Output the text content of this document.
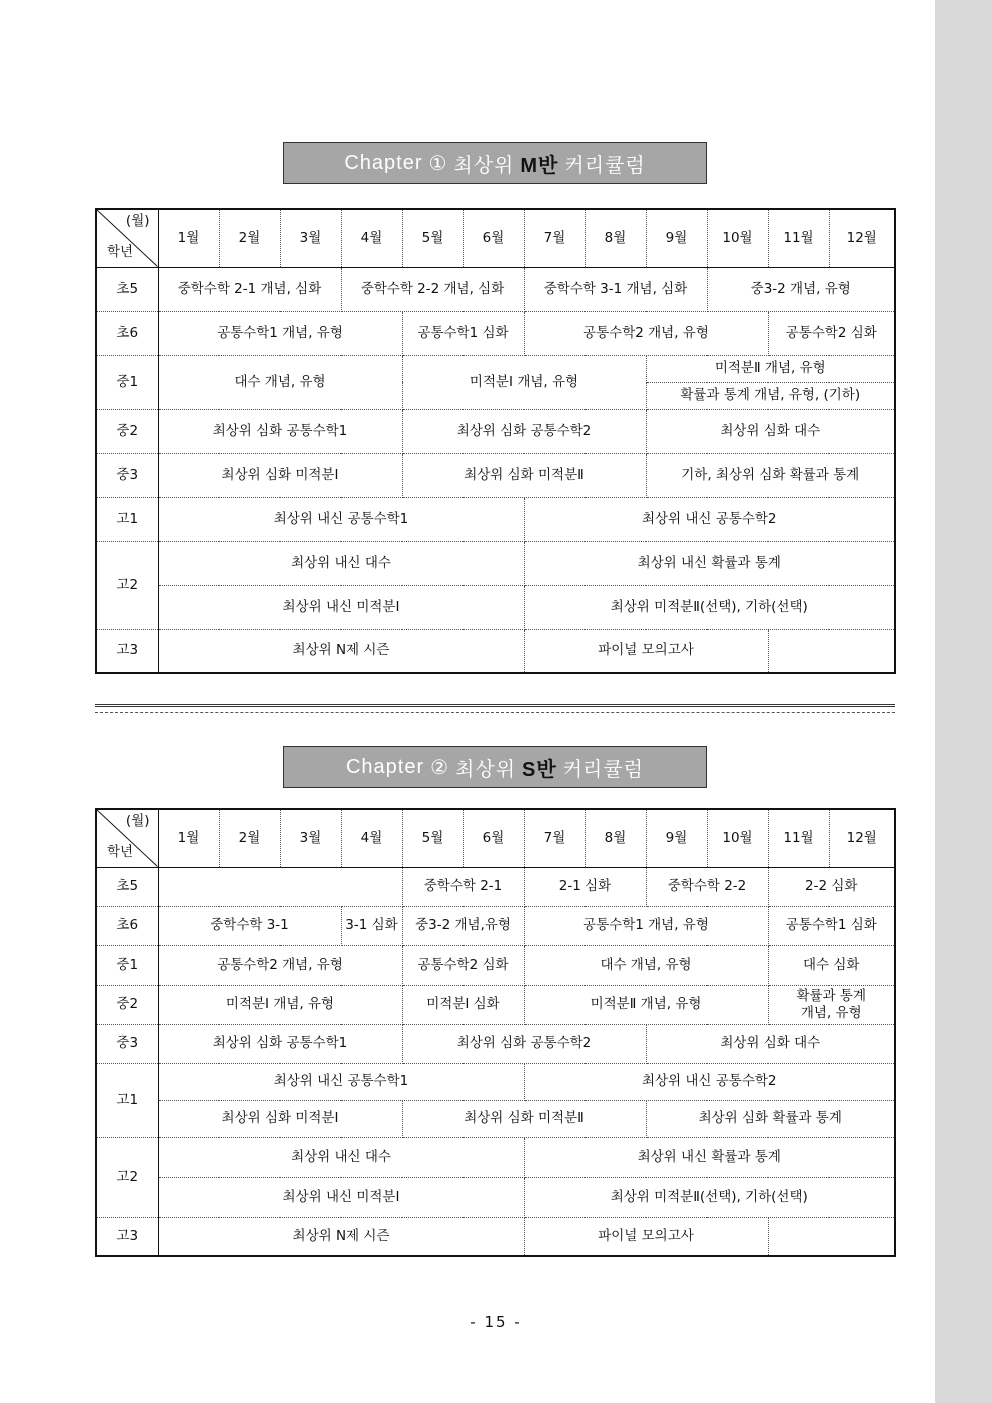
Chapter ① 최상위 M반 커리큘럼
(월)
학년	1월	2월	3월	4월	5월	6월	7월	8월	9월	10월	11월	12월
초5	중학수학 2-1 개념, 심화			중학수학 2-2 개념, 심화			중학수학 3-1 개념, 심화			중3-2 개념, 유형		
초6	공통수학1 개념, 유형				공통수학1 심화		공통수학2 개념, 유형				공통수학2 심화	
중1	대수 개념, 유형				미적분Ⅰ 개념, 유형				미적분Ⅱ 개념, 유형			
									확률과 통계 개념, 유형, (기하)			
중2	최상위 심화 공통수학1				최상위 심화 공통수학2				최상위 심화 대수			
중3	최상위 심화 미적분Ⅰ				최상위 심화 미적분Ⅱ				기하, 최상위 심화 확률과 통계			
고1	최상위 내신 공통수학1						최상위 내신 공통수학2					
고2	최상위 내신 대수						최상위 내신 확률과 통계					
	최상위 내신 미적분Ⅰ						최상위 미적분Ⅱ(선택), 기하(선택)					
고3	최상위 N제 시즌						파이널 모의고사					
Chapter ② 최상위 S반 커리큘럼
(월)
학년	1월	2월	3월	4월	5월	6월	7월	8월	9월	10월	11월	12월
초5					중학수학 2-1		2-1 심화		중학수학 2-2		2-2 심화	
초6	중학수학 3-1			3-1 심화	중3-2 개념,유형		공통수학1 개념, 유형				공통수학1 심화	
중1	공통수학2 개념, 유형				공통수학2 심화		대수 개념, 유형				대수 심화	
중2	미적분Ⅰ 개념, 유형				미적분Ⅰ 심화		미적분Ⅱ 개념, 유형				확률과 통계
개념, 유형	
중3	최상위 심화 공통수학1				최상위 심화 공통수학2				최상위 심화 대수			
고1	최상위 내신 공통수학1						최상위 내신 공통수학2					
	최상위 심화 미적분Ⅰ				최상위 심화 미적분Ⅱ				최상위 심화 확률과 통계			
고2	최상위 내신 대수						최상위 내신 확률과 통계					
	최상위 내신 미적분Ⅰ						최상위 미적분Ⅱ(선택), 기하(선택)					
고3	최상위 N제 시즌						파이널 모의고사					
- 15 -
